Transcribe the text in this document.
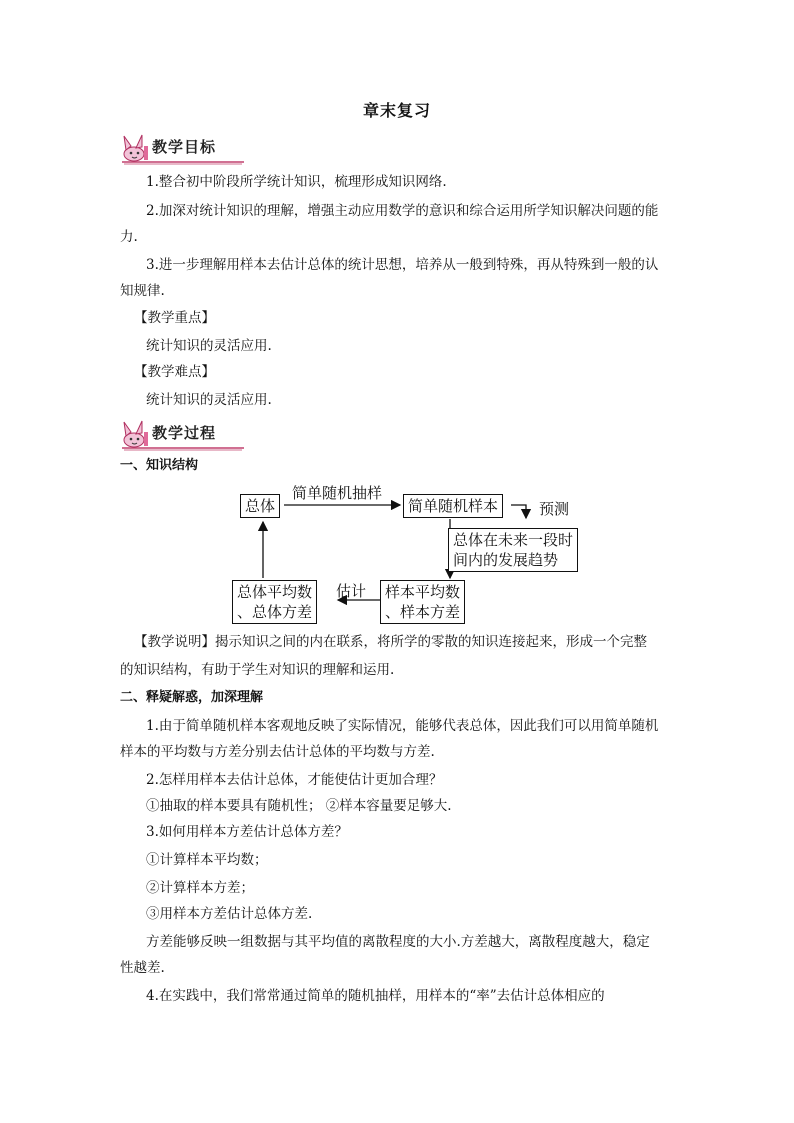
章末复习
教学目标
1.整合初中阶段所学统计知识，梳理形成知识网络.
2.加深对统计知识的理解，增强主动应用数学的意识和综合运用所学知识解决问题的能
力.
3.进一步理解用样本去估计总体的统计思想，培养从一般到特殊，再从特殊到一般的认
知规律.
【教学重点】
统计知识的灵活应用.
【教学难点】
统计知识的灵活应用.
教学过程
一、知识结构
总体
简单随机抽样
简单随机样本	预测
总体在未来一段时
间内的发展趋势
样本平均数
、样本方差
估计
总体平均数
、总体方差
【教学说明】揭示知识之间的内在联系，将所学的零散的知识连接起来，形成一个完整
的知识结构，有助于学生对知识的理解和运用.
二、释疑解惑，加深理解
1.由于简单随机样本客观地反映了实际情况，能够代表总体，因此我们可以用简单随机
样本的平均数与方差分别去估计总体的平均数与方差.
2.怎样用样本去估计总体，才能使估计更加合理？
①抽取的样本要具有随机性； ②样本容量要足够大.
3.如何用样本方差估计总体方差？
①计算样本平均数；
②计算样本方差；
③用样本方差估计总体方差.
方差能够反映一组数据与其平均值的离散程度的大小.方差越大，离散程度越大，稳定
性越差.
4.在实践中，我们常常通过简单的随机抽样，用样本的“率”去估计总体相应的
